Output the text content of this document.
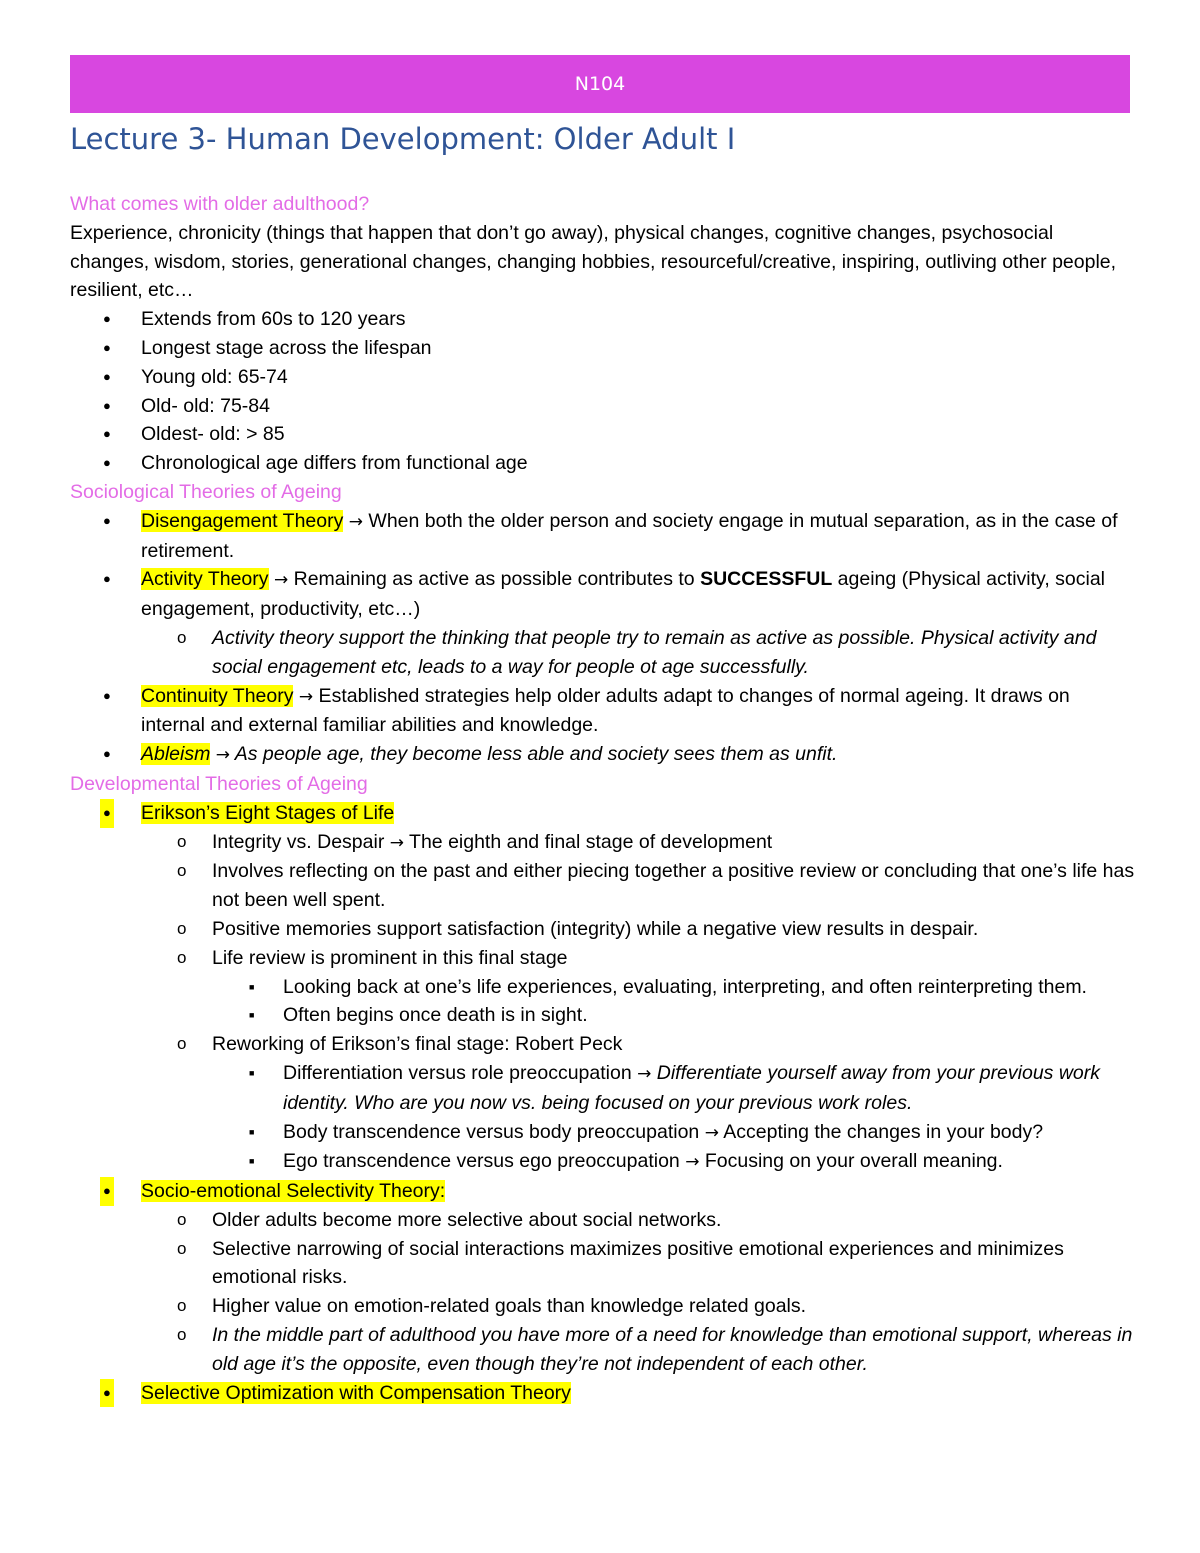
N104
Lecture 3- Human Development: Older Adult I

What comes with older adulthood?

Experience, chronicity (things that happen that don’t go away), physical changes, cognitive changes, psychosocial changes, wisdom, stories, generational changes, changing hobbies, resourceful/creative, inspiring, outliving other people, resilient, etc…

● Extends from 60s to 120 years
● Longest stage across the lifespan
● Young old: 65-74
● Old- old: 75-84
● Oldest- old: > 85
● Chronological age differs from functional age

Sociological Theories of Ageing

● Disengagement Theory → When both the older person and society engage in mutual separation, as in the case of retirement.
● Activity Theory → Remaining as active as possible contributes to SUCCESSFUL ageing (Physical activity, social engagement, productivity, etc…)
o Activity theory support the thinking that people try to remain as active as possible. Physical activity and social engagement etc, leads to a way for people ot age successfully.
● Continuity Theory → Established strategies help older adults adapt to changes of normal ageing. It draws on internal and external familiar abilities and knowledge.
● Ableism → As people age, they become less able and society sees them as unfit.

Developmental Theories of Ageing

● Erikson’s Eight Stages of Life
o Integrity vs. Despair → The eighth and final stage of development
o Involves reflecting on the past and either piecing together a positive review or concluding that one’s life has not been well spent.
o Positive memories support satisfaction (integrity) while a negative view results in despair.
o Life review is prominent in this final stage
■ Looking back at one’s life experiences, evaluating, interpreting, and often reinterpreting them.
■ Often begins once death is in sight.
o Reworking of Erikson’s final stage: Robert Peck
■ Differentiation versus role preoccupation → Differentiate yourself away from your previous work identity. Who are you now vs. being focused on your previous work roles.
■ Body transcendence versus body preoccupation → Accepting the changes in your body?
■ Ego transcendence versus ego preoccupation → Focusing on your overall meaning.
● Socio-emotional Selectivity Theory:
o Older adults become more selective about social networks.
o Selective narrowing of social interactions maximizes positive emotional experiences and minimizes emotional risks.
o Higher value on emotion-related goals than knowledge related goals.
o In the middle part of adulthood you have more of a need for knowledge than emotional support, whereas in old age it’s the opposite, even though they’re not independent of each other.
● Selective Optimization with Compensation Theory
